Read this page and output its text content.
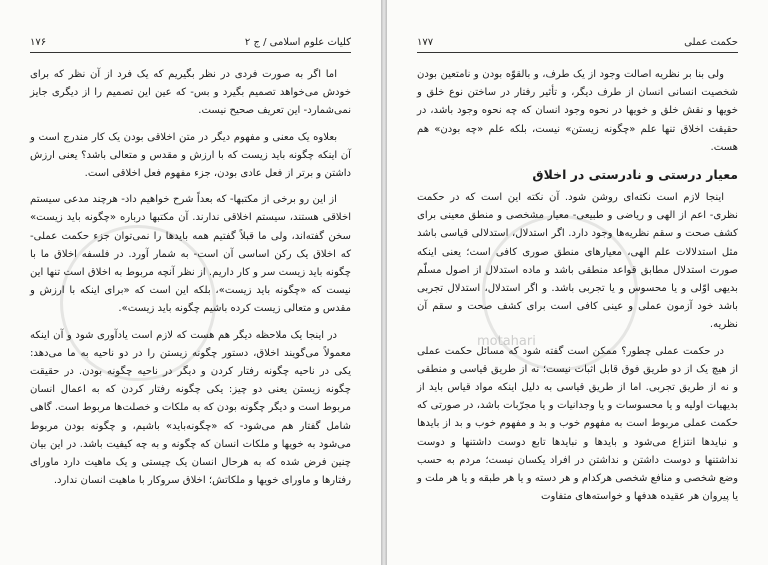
۱۷۶	کلیات علوم اسلامی / ج ۲

اما اگر به صورت فردی در نظر بگیریم که یک فرد از آن نظر که برای خودش می‌خواهد تصمیم بگیرد و بس- که عین این تصمیم را از دیگری جایز نمی‌شمارد- این تعریف صحیح نیست.

بعلاوه یک معنی و مفهوم دیگر در متن اخلاقی بودن یک کار مندرج است و آن اینکه چگونه باید زیست که با ارزش و مقدس و متعالی باشد؟ یعنی ارزش داشتن و برتر از فعل عادی بودن، جزء مفهوم فعل اخلاقی است.

از این رو برخی از مکتبها- که بعداً شرح خواهیم داد- هرچند مدعی سیستم اخلاقی هستند، سیستم اخلاقی ندارند. آن مکتبها درباره «چگونه باید زیست» سخن گفته‌اند، ولی ما قبلاً گفتیم همه بایدها را نمی‌توان جزء حکمت عملی- که اخلاق یک رکن اساسی آن است- به شمار آورد. در فلسفه اخلاق ما با چگونه باید زیست سر و کار داریم. از نظر آنچه مربوط به اخلاق است تنها این نیست که «چگونه باید زیست»، بلکه این است که «برای اینکه با ارزش و مقدس و متعالی زیست کرده باشیم چگونه باید زیست».

در اینجا یک ملاحظه دیگر هم هست که لازم است یادآوری شود و آن اینکه معمولاً می‌گویند اخلاق، دستور چگونه زیستن را در دو ناحیه به ما می‌دهد: یکی در ناحیه چگونه رفتار کردن و دیگر در ناحیه چگونه بودن. در حقیقت چگونه زیستن یعنی دو چیز: یکی چگونه رفتار کردن که به اعمال انسان مربوط است و دیگر چگونه بودن که به ملکات و خصلت‌ها مربوط است. گاهی شامل گفتار هم می‌شود- که «چگونه‌باید» باشیم، و چگونه بودن مربوط می‌شود به خویها و ملکات انسان که چگونه و به چه کیفیت باشد. در این بیان چنین فرض شده که به هرحال انسان یک چیستی و یک ماهیت دارد ماورای رفتارها و ماورای خویها و ملکاتش؛ اخلاق سروکار با ماهیت انسان ندارد.

۱۷۷	حکمت عملی
motahari

ولی بنا بر نظریه اصالت وجود از یک طرف، و بالقوّه بودن و نامتعین بودن شخصیت انسانی انسان از طرف دیگر، و تأثیر رفتار در ساختن نوع خلق و خویها و نقش خلق و خویها در نحوه وجود انسان که چه نحوه وجود باشد، در حقیقت اخلاق تنها علم «چگونه زیستن» نیست، بلکه علم «چه بودن» هم هست.

معیار درستی و نادرستی در اخلاق

اینجا لازم است نکته‌ای روشن شود. آن نکته این است که در حکمت نظری- اعم از الهی و ریاضی و طبیعی- معیار مشخصی و منطق معینی برای کشف صحت و سقم نظریه‌ها وجود دارد. اگر استدلال، استدلالی قیاسی باشد مثل استدلالات علم الهی، معیارهای منطق صوری کافی است؛ یعنی اینکه صورت استدلال مطابق قواعد منطقی باشد و ماده استدلال از اصول مسلّم بدیهی اوّلی و یا محسوس و یا تجربی باشد. و اگر استدلال، استدلال تجربی باشد خود آزمون عملی و عینی کافی است برای کشف صحت و سقم آن نظریه.

در حکمت عملی چطور؟ ممکن است گفته شود که مسائل حکمت عملی از هیچ یک از دو طریق فوق قابل اثبات نیست؛ نه از طریق قیاسی و منطقی و نه از طریق تجربی. اما از طریق قیاسی به دلیل اینکه مواد قیاس باید از بدیهیات اولیه و یا محسوسات و یا وجدانیات و یا مجرّبات باشد، در صورتی که حکمت عملی مربوط است به مفهوم خوب و بد و مفهوم خوب و بد از بایدها و نبایدها انتزاع می‌شود و بایدها و نبایدها تابع دوست داشتنها و دوست نداشتنها و دوست داشتن و نداشتن در افراد یکسان نیست؛ مردم به حسب وضع شخصی و منافع شخصی هرکدام و هر دسته و یا هر طبقه و یا هر ملت و یا پیروان هر عقیده هدفها و خواسته‌های متفاوت
